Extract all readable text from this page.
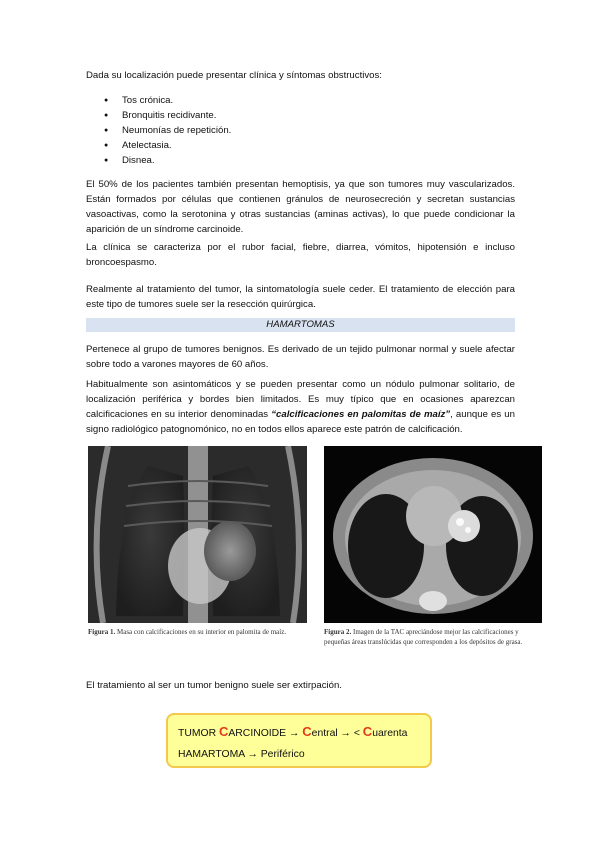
Dada su localización puede presentar clínica y síntomas obstructivos:

● Tos crónica.
● Bronquitis recidivante.
● Neumonías de repetición.
● Atelectasia.
● Disnea.

El 50% de los pacientes también presentan hemoptisis, ya que son tumores muy vascularizados. Están formados por células que contienen gránulos de neurosecreción y secretan sustancias vasoactivas, como la serotonina y otras sustancias (aminas activas), lo que puede condicionar la aparición de un síndrome carcinoide.

La clínica se caracteriza por el rubor facial, fiebre, diarrea, vómitos, hipotensión e incluso broncoespasmo.

Realmente al tratamiento del tumor, la sintomatología suele ceder. El tratamiento de elección para este tipo de tumores suele ser la resección quirúrgica.

HAMARTOMAS

Pertenece al grupo de tumores benignos. Es derivado de un tejido pulmonar normal y suele afectar sobre todo a varones mayores de 60 años.

Habitualmente son asintomáticos y se pueden presentar como un nódulo pulmonar solitario, de localización periférica y bordes bien limitados. Es muy típico que en ocasiones aparezcan calcificaciones en su interior denominadas “calcificaciones en palomitas de maíz”, aunque es un signo radiológico patognomónico, no en todos ellos aparece este patrón de calcificación.

Figura 1. Masa con calcificaciones en su interior en palomita de maíz.	Figura 2. Imagen de la TAC apreciándose mejor las calcificaciones y pequeñas áreas translúcidas que corresponden a los depósitos de grasa.

El tratamiento al ser un tumor benigno suele ser extirpación.

TUMOR CARCINOIDE → Central → < Cuarenta
HAMARTOMA → Periférico
